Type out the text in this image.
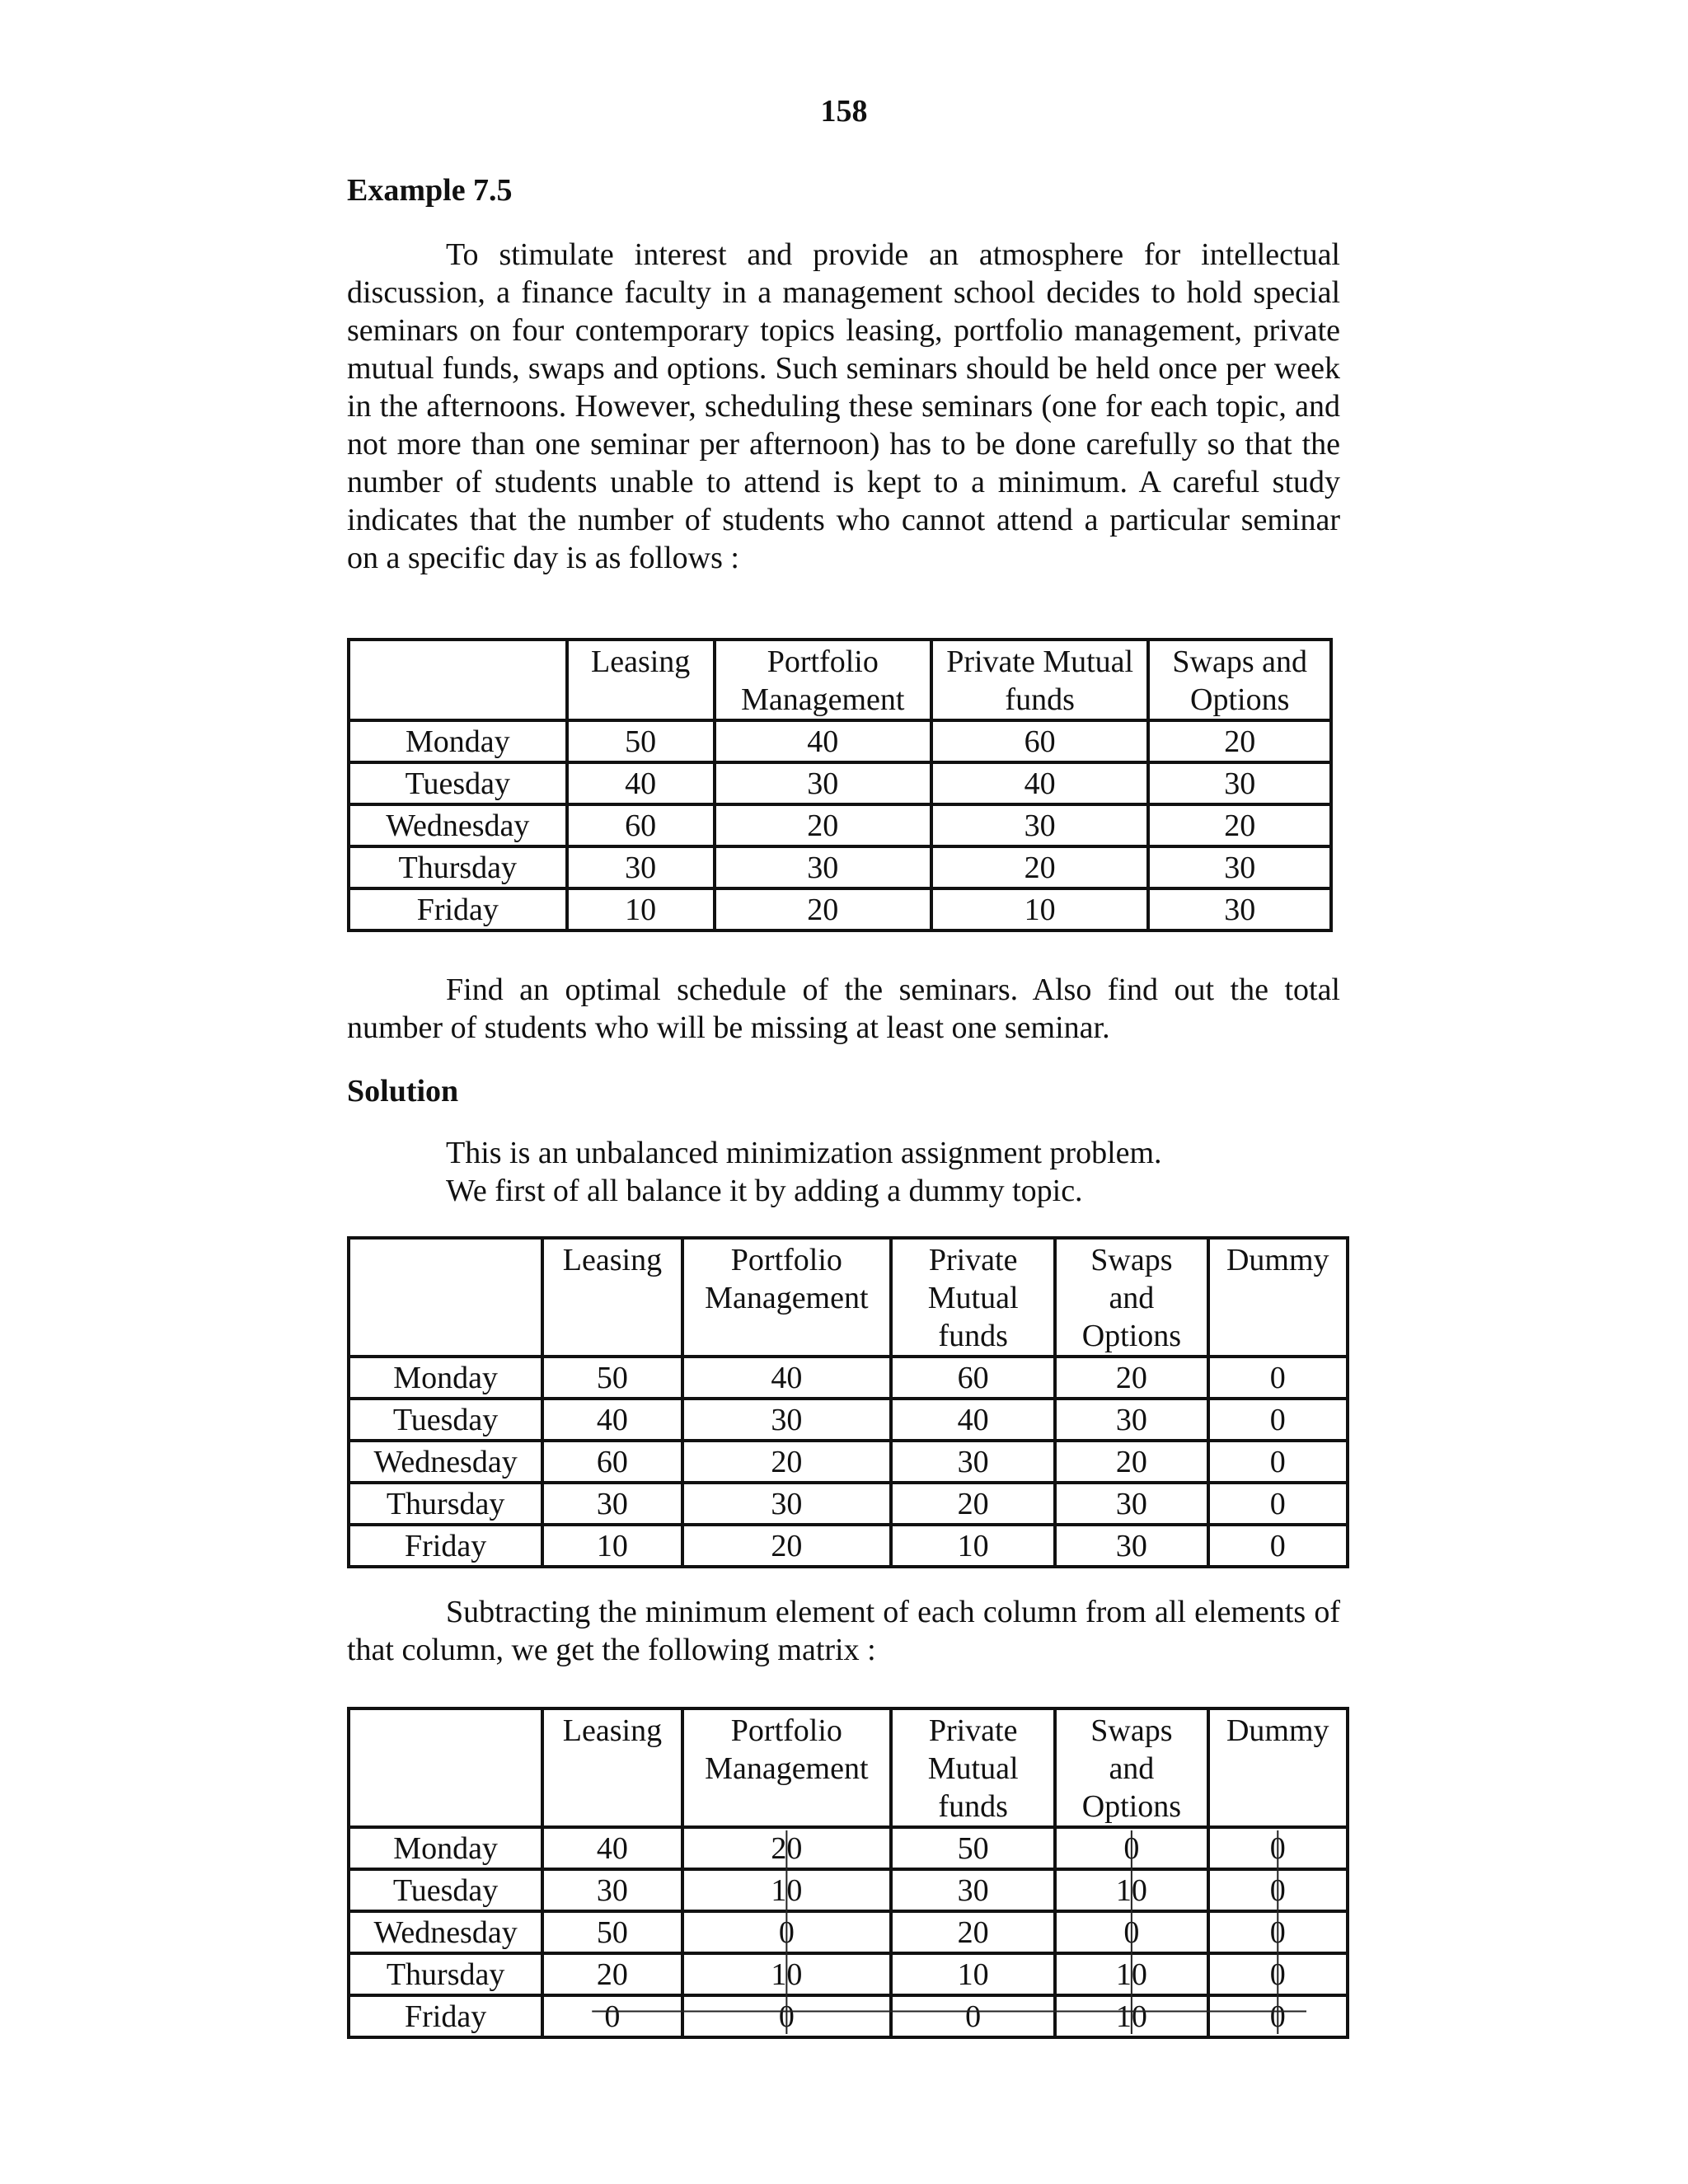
158

Example 7.5

To stimulate interest and provide an atmosphere for intellectual discussion, a finance faculty in a management school decides to hold special seminars on four contemporary topics leasing, portfolio management, private mutual funds, swaps and options. Such seminars should be held once per week in the afternoons. However, scheduling these seminars (one for each topic, and not more than one seminar per afternoon) has to be done carefully so that the number of students unable to attend is kept to a minimum. A careful study indicates that the number of students who cannot attend a particular seminar on a specific day is as follows :

	Leasing	Portfolio Management	Private Mutual funds	Swaps and Options
Monday	50	40	60	20
Tuesday	40	30	40	30
Wednesday	60	20	30	20
Thursday	30	30	20	30
Friday	10	20	10	30

Find an optimal schedule of the seminars. Also find out the total number of students who will be missing at least one seminar.

Solution

This is an unbalanced minimization assignment problem.

We first of all balance it by adding a dummy topic.

	Leasing	Portfolio Management	Private Mutual funds	Swaps and Options	Dummy
Monday	50	40	60	20	0
Tuesday	40	30	40	30	0
Wednesday	60	20	30	20	0
Thursday	30	30	20	30	0
Friday	10	20	10	30	0

Subtracting the minimum element of each column from all elements of that column, we get the following matrix :

	Leasing	Portfolio Management	Private Mutual funds	Swaps and Options	Dummy
Monday	40	20	50	0	0
Tuesday	30	10	30	10	0
Wednesday	50	0	20	0	0
Thursday	20	10	10	10	0
Friday	0	0	0	10	0
